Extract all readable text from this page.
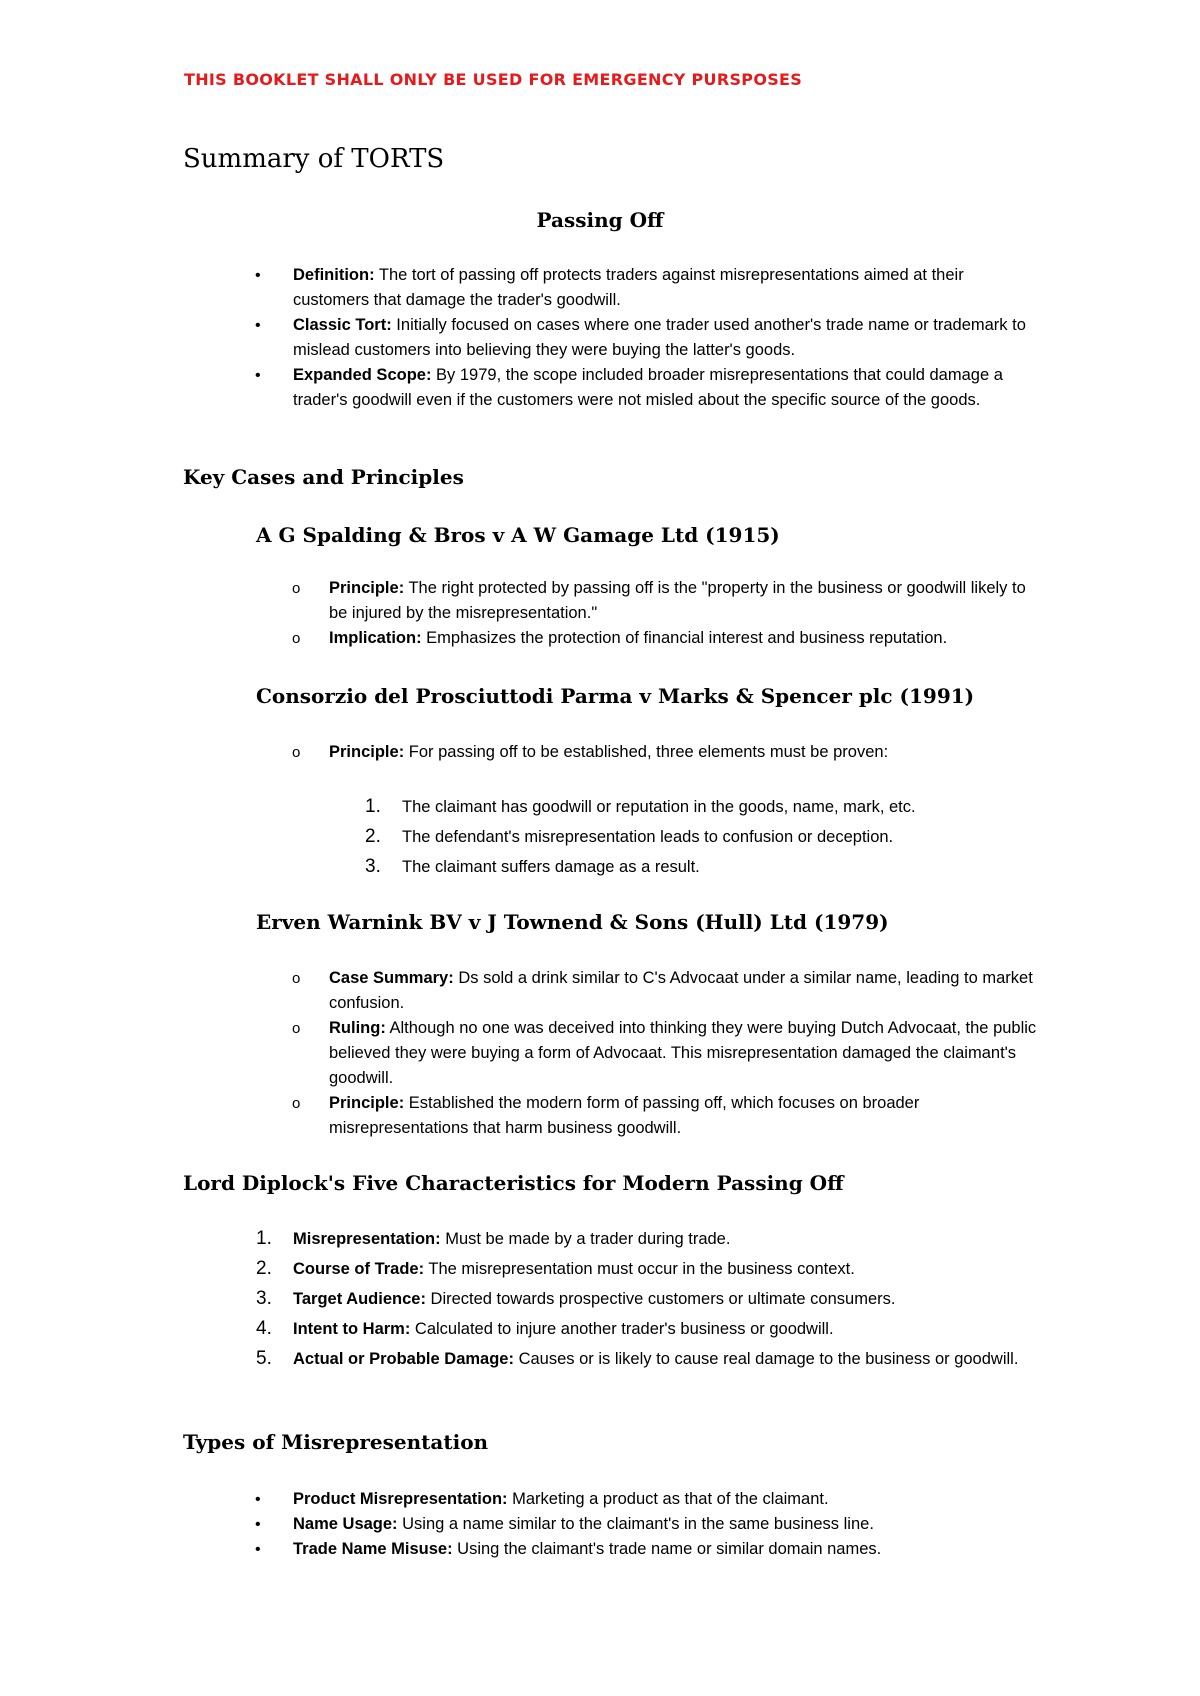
THIS BOOKLET SHALL ONLY BE USED FOR EMERGENCY PURSPOSES
Summary of TORTS
Passing Off
• Definition: The tort of passing off protects traders against misrepresentations aimed at their customers that damage the trader's goodwill.
• Classic Tort: Initially focused on cases where one trader used another's trade name or trademark to mislead customers into believing they were buying the latter's goods.
• Expanded Scope: By 1979, the scope included broader misrepresentations that could damage a trader's goodwill even if the customers were not misled about the specific source of the goods.
Key Cases and Principles
A G Spalding & Bros v A W Gamage Ltd (1915)
o Principle: The right protected by passing off is the "property in the business or goodwill likely to be injured by the misrepresentation."
o Implication: Emphasizes the protection of financial interest and business reputation.
Consorzio del Prosciuttodi Parma v Marks & Spencer plc (1991)
o Principle: For passing off to be established, three elements must be proven:
1. The claimant has goodwill or reputation in the goods, name, mark, etc.
2. The defendant's misrepresentation leads to confusion or deception.
3. The claimant suffers damage as a result.
Erven Warnink BV v J Townend & Sons (Hull) Ltd (1979)
o Case Summary: Ds sold a drink similar to C's Advocaat under a similar name, leading to market confusion.
o Ruling: Although no one was deceived into thinking they were buying Dutch Advocaat, the public believed they were buying a form of Advocaat. This misrepresentation damaged the claimant's goodwill.
o Principle: Established the modern form of passing off, which focuses on broader misrepresentations that harm business goodwill.
Lord Diplock's Five Characteristics for Modern Passing Off
1. Misrepresentation: Must be made by a trader during trade.
2. Course of Trade: The misrepresentation must occur in the business context.
3. Target Audience: Directed towards prospective customers or ultimate consumers.
4. Intent to Harm: Calculated to injure another trader's business or goodwill.
5. Actual or Probable Damage: Causes or is likely to cause real damage to the business or goodwill.
Types of Misrepresentation
• Product Misrepresentation: Marketing a product as that of the claimant.
• Name Usage: Using a name similar to the claimant's in the same business line.
• Trade Name Misuse: Using the claimant's trade name or similar domain names.
